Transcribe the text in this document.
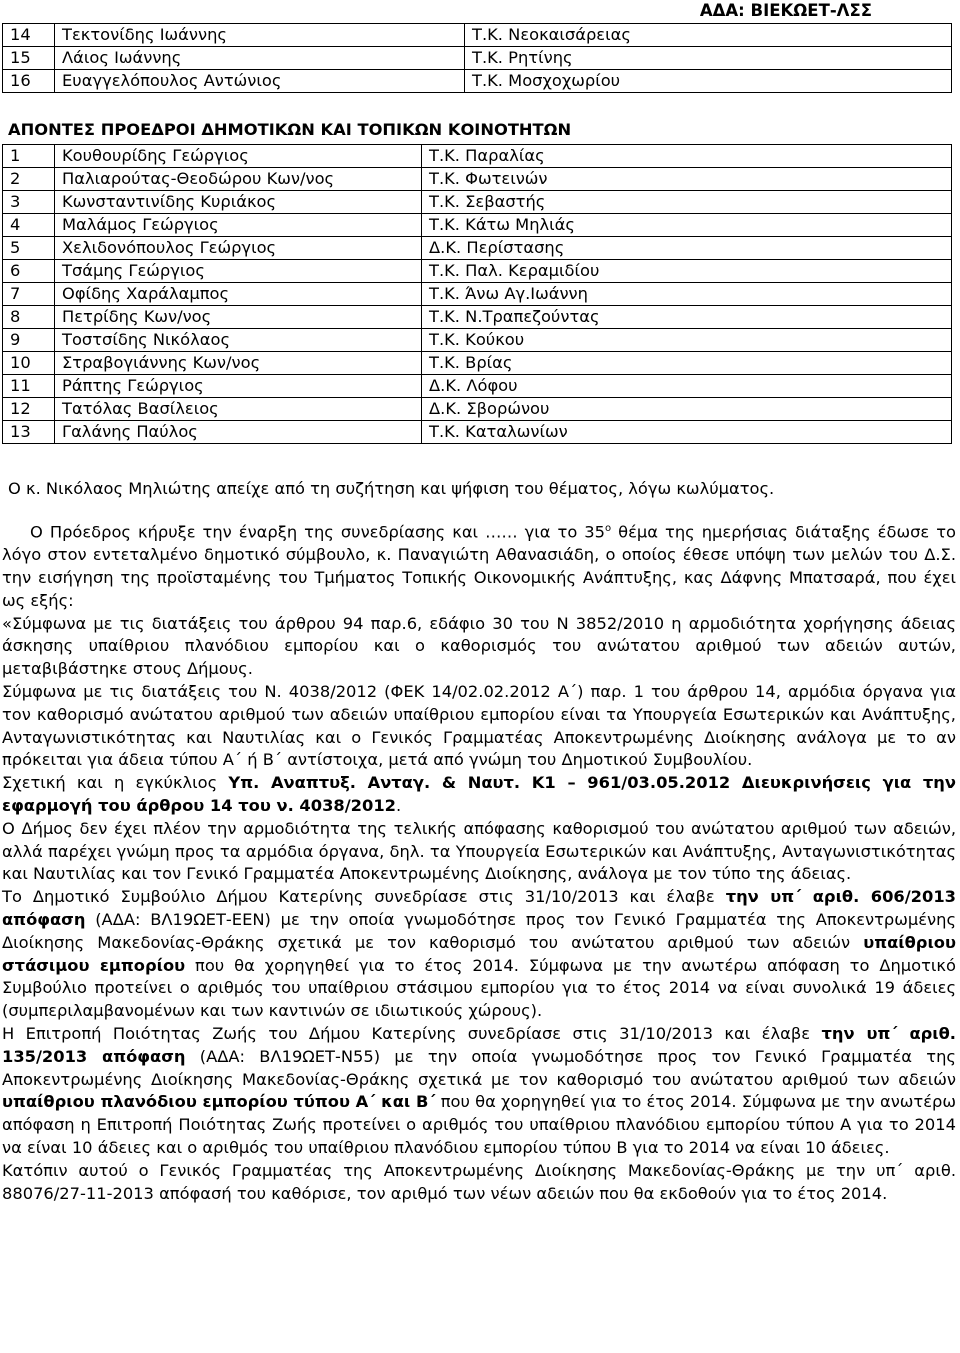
ΑΔΑ: ΒΙΕΚΩΕΤ-ΛΣΣ
14	Τεκτονίδης Ιωάννης	Τ.Κ. Νεοκαισάρειας
15	Λάιος Ιωάννης	Τ.Κ. Ρητίνης
16	Ευαγγελόπουλος Αντώνιος	Τ.Κ. Μοσχοχωρίου
ΑΠΟΝΤΕΣ ΠΡΟΕΔΡΟΙ ΔΗΜΟΤΙΚΩΝ ΚΑΙ ΤΟΠΙΚΩΝ ΚΟΙΝΟΤΗΤΩΝ
1	Κουθουρίδης Γεώργιος	Τ.Κ. Παραλίας
2	Παλιαρούτας-Θεοδώρου Κων/νος	Τ.Κ. Φωτεινών
3	Κωνσταντινίδης Κυριάκος	Τ.Κ. Σεβαστής
4	Μαλάμος Γεώργιος	Τ.Κ. Κάτω Μηλιάς
5	Χελιδονόπουλος Γεώργιος	Δ.Κ. Περίστασης
6	Τσάμης Γεώργιος	Τ.Κ. Παλ. Κεραμιδίου
7	Οφίδης Χαράλαμπος	Τ.Κ. Άνω Αγ.Ιωάννη
8	Πετρίδης Κων/νος	Τ.Κ. Ν.Τραπεζούντας
9	Τοστσίδης Νικόλαος	Τ.Κ. Κούκου
10	Στραβογιάννης Κων/νος	Τ.Κ. Βρίας
11	Ράπτης Γεώργιος	Δ.Κ. Λόφου
12	Τατόλας Βασίλειος	Δ.Κ. Σβορώνου
13	Γαλάνης Παύλος	Τ.Κ. Καταλωνίων
Ο κ. Νικόλαος Μηλιώτης απείχε από τη συζήτηση και ψήφιση του θέματος, λόγω κωλύματος.

Ο Πρόεδρος κήρυξε την έναρξη της συνεδρίασης και …… για το $35^o$ θέμα της ημερήσιας διάταξης έδωσε το λόγο στον εντεταλμένο δημοτικό σύμβουλο, κ. Παναγιώτη Αθανασιάδη, ο οποίος έθεσε υπόψη των μελών του Δ.Σ. την εισήγηση της προϊσταμένης του Τμήματος Τοπικής Οικονομικής Ανάπτυξης, κας Δάφνης Μπατσαρά, που έχει ως εξής:

«Σύμφωνα με τις διατάξεις του άρθρου 94 παρ.6, εδάφιο 30 του Ν 3852/2010 η αρμοδιότητα χορήγησης άδειας άσκησης υπαίθριου πλανόδιου εμπορίου και ο καθορισμός του ανώτατου αριθμού των αδειών αυτών, μεταβιβάστηκε στους Δήμους.

Σύμφωνα με τις διατάξεις του Ν. 4038/2012 (ΦΕΚ 14/02.02.2012 Α΄) παρ. 1 του άρθρου 14, αρμόδια όργανα για τον καθορισμό ανώτατου αριθμού των αδειών υπαίθριου εμπορίου είναι τα Υπουργεία Εσωτερικών και Ανάπτυξης, Ανταγωνιστικότητας και Ναυτιλίας και ο Γενικός Γραμματέας Αποκεντρωμένης Διοίκησης ανάλογα με το αν πρόκειται για άδεια τύπου Α΄ ή Β΄ αντίστοιχα, μετά από γνώμη του Δημοτικού Συμβουλίου.

Σχετική και η εγκύκλιος Υπ. Αναπτυξ. Ανταγ. & Ναυτ. Κ1 – 961/03.05.2012 Διευκρινήσεις για την εφαρμογή του άρθρου 14 του ν. 4038/2012.

Ο Δήμος δεν έχει πλέον την αρμοδιότητα της τελικής απόφασης καθορισμού του ανώτατου αριθμού των αδειών, αλλά παρέχει γνώμη προς τα αρμόδια όργανα, δηλ. τα Υπουργεία Εσωτερικών και Ανάπτυξης, Ανταγωνιστικότητας και Ναυτιλίας και τον Γενικό Γραμματέα Αποκεντρωμένης Διοίκησης, ανάλογα με τον τύπο της άδειας.

Το Δημοτικό Συμβούλιο Δήμου Κατερίνης συνεδρίασε στις 31/10/2013 και έλαβε την υπ΄ αριθ. 606/2013 απόφαση (ΑΔΑ: ΒΛ19ΩΕΤ-ΕΕΝ) με την οποία γνωμοδότησε προς τον Γενικό Γραμματέα της Αποκεντρωμένης Διοίκησης Μακεδονίας-Θράκης σχετικά με τον καθορισμό του ανώτατου αριθμού των αδειών υπαίθριου στάσιμου εμπορίου που θα χορηγηθεί για το έτος 2014. Σύμφωνα με την ανωτέρω απόφαση το Δημοτικό Συμβούλιο προτείνει ο αριθμός του υπαίθριου στάσιμου εμπορίου για το έτος 2014 να είναι συνολικά 19 άδειες (συμπεριλαμβανομένων και των καντινών σε ιδιωτικούς χώρους).

Η Επιτροπή Ποιότητας Ζωής του Δήμου Κατερίνης συνεδρίασε στις 31/10/2013 και έλαβε την υπ΄ αριθ. 135/2013 απόφαση (ΑΔΑ: ΒΛ19ΩΕΤ-Ν55) με την οποία γνωμοδότησε προς τον Γενικό Γραμματέα της Αποκεντρωμένης Διοίκησης Μακεδονίας-Θράκης σχετικά με τον καθορισμό του ανώτατου αριθμού των αδειών υπαίθριου πλανόδιου εμπορίου τύπου Α΄ και Β΄ που θα χορηγηθεί για το έτος 2014. Σύμφωνα με την ανωτέρω απόφαση η Επιτροπή Ποιότητας Ζωής προτείνει ο αριθμός του υπαίθριου πλανόδιου εμπορίου τύπου Α για το 2014 να είναι 10 άδειες και ο αριθμός του υπαίθριου πλανόδιου εμπορίου τύπου Β για το 2014 να είναι 10 άδειες.

Κατόπιν αυτού ο Γενικός Γραμματέας της Αποκεντρωμένης Διοίκησης Μακεδονίας-Θράκης με την υπ΄ αριθ. 88076/27-11-2013 απόφασή του καθόρισε, τον αριθμό των νέων αδειών που θα εκδοθούν για το έτος 2014.
